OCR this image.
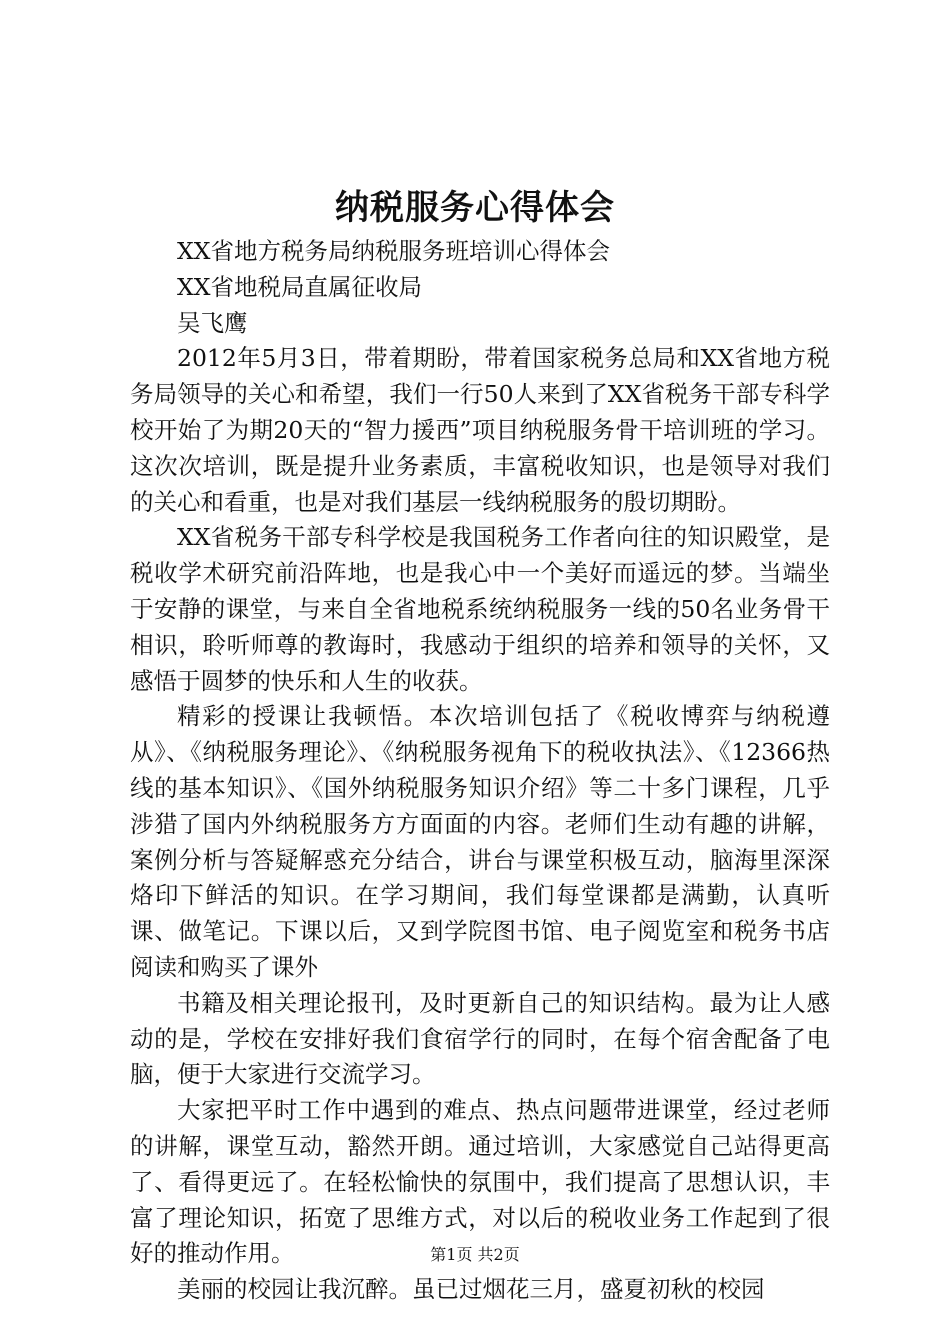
纳税服务心得体会

XX省地方税务局纳税服务班培训心得体会

XX省地税局直属征收局

吴飞鹰

2012年5月3日，带着期盼，带着国家税务总局和XX省地方税务局领导的关心和希望，我们一行50人来到了XX省税务干部专科学校开始了为期20天的“智力援西”项目纳税服务骨干培训班的学习。这次次培训，既是提升业务素质，丰富税收知识，也是领导对我们的关心和看重，也是对我们基层一线纳税服务的殷切期盼。

XX省税务干部专科学校是我国税务工作者向往的知识殿堂，是税收学术研究前沿阵地，也是我心中一个美好而遥远的梦。当端坐于安静的课堂，与来自全省地税系统纳税服务一线的50名业务骨干相识，聆听师尊的教诲时，我感动于组织的培养和领导的关怀，又感悟于圆梦的快乐和人生的收获。

精彩的授课让我顿悟。本次培训包括了《税收博弈与纳税遵从》、《纳税服务理论》、《纳税服务视角下的税收执法》、《12366热线的基本知识》、《国外纳税服务知识介绍》等二十多门课程，几乎涉猎了国内外纳税服务方方面面的内容。老师们生动有趣的讲解，案例分析与答疑解惑充分结合，讲台与课堂积极互动，脑海里深深烙印下鲜活的知识。在学习期间，我们每堂课都是满勤，认真听课、做笔记。下课以后，又到学院图书馆、电子阅览室和税务书店阅读和购买了课外

书籍及相关理论报刊，及时更新自己的知识结构。最为让人感动的是，学校在安排好我们食宿学行的同时，在每个宿舍配备了电脑，便于大家进行交流学习。

大家把平时工作中遇到的难点、热点问题带进课堂，经过老师的讲解，课堂互动，豁然开朗。通过培训，大家感觉自己站得更高了、看得更远了。在轻松愉快的氛围中，我们提高了思想认识，丰富了理论知识，拓宽了思维方式，对以后的税收业务工作起到了很好的推动作用。

美丽的校园让我沉醉。虽已过烟花三月，盛夏初秋的校园

第1页 共2页
